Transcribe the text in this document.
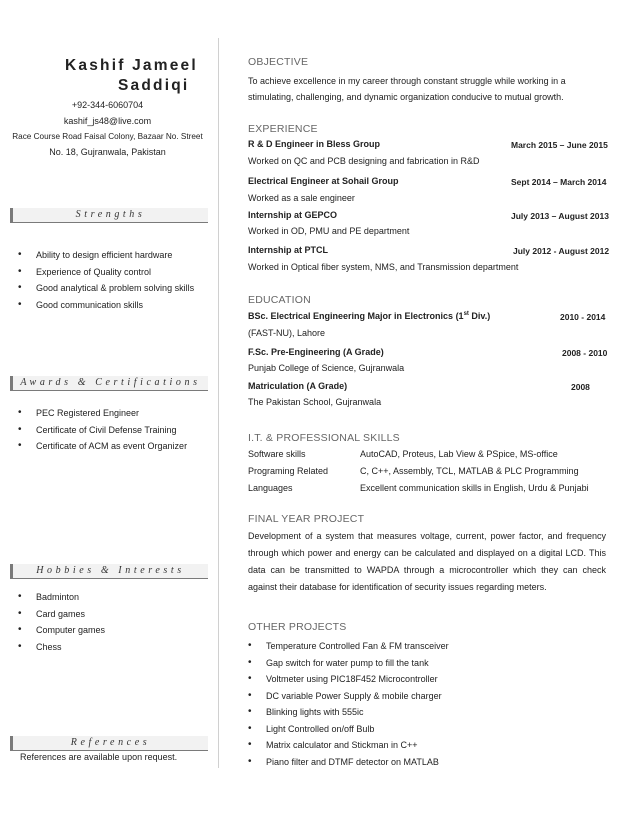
Kashif Jameel
Saddiqi
+92-344-6060704
kashif_js48@live.com
Race Course Road Faisal Colony, Bazaar No. Street
No. 18, Gujranwala, Pakistan
Strengths
• Ability to design efficient hardware
• Experience of Quality control
• Good analytical & problem solving skills
• Good communication skills
Awards & Certifications
• PEC Registered Engineer
• Certificate of Civil Defense Training
• Certificate of ACM as event Organizer
Hobbies & Interests
• Badminton
• Card games
• Computer games
• Chess
References
References are available upon request.
OBJECTIVE
To achieve excellence in my career through constant struggle while working in a
stimulating, challenging, and dynamic organization conducive to mutual growth.
EXPERIENCE
R & D Engineer in Bless Group	March 2015 – June 2015
Worked on QC and PCB designing and fabrication in R&D
Electrical Engineer at Sohail Group	Sept 2014 – March 2014
Worked as a sale engineer
Internship at GEPCO	July 2013 – August 2013
Worked in OD, PMU and PE department
Internship at PTCL	July 2012 - August 2012
Worked in Optical fiber system, NMS, and Transmission department
EDUCATION
BSc. Electrical Engineering Major in Electronics (1st Div.)	2010 - 2014
(FAST-NU), Lahore
F.Sc. Pre-Engineering (A Grade)	2008 - 2010
Punjab College of Science, Gujranwala
Matriculation (A Grade)	2008
The Pakistan School, Gujranwala
I.T. & PROFESSIONAL SKILLS
Software skills	AutoCAD, Proteus, Lab View & PSpice, MS-office
Programing Related	C, C++, Assembly, TCL, MATLAB & PLC Programming
Languages	Excellent communication skills in English, Urdu & Punjabi
FINAL YEAR PROJECT
Development of a system that measures voltage, current, power factor, and frequency through which power and energy can be calculated and displayed on a digital LCD. This data can be transmitted to WAPDA through a microcontroller which they can check against their database for identification of security issues regarding meters.
OTHER PROJECTS
• Temperature Controlled Fan & FM transceiver
• Gap switch for water pump to fill the tank
• Voltmeter using PIC18F452 Microcontroller
• DC variable Power Supply & mobile charger
• Blinking lights with 555ic
• Light Controlled on/off Bulb
• Matrix calculator and Stickman in C++
• Piano filter and DTMF detector on MATLAB
